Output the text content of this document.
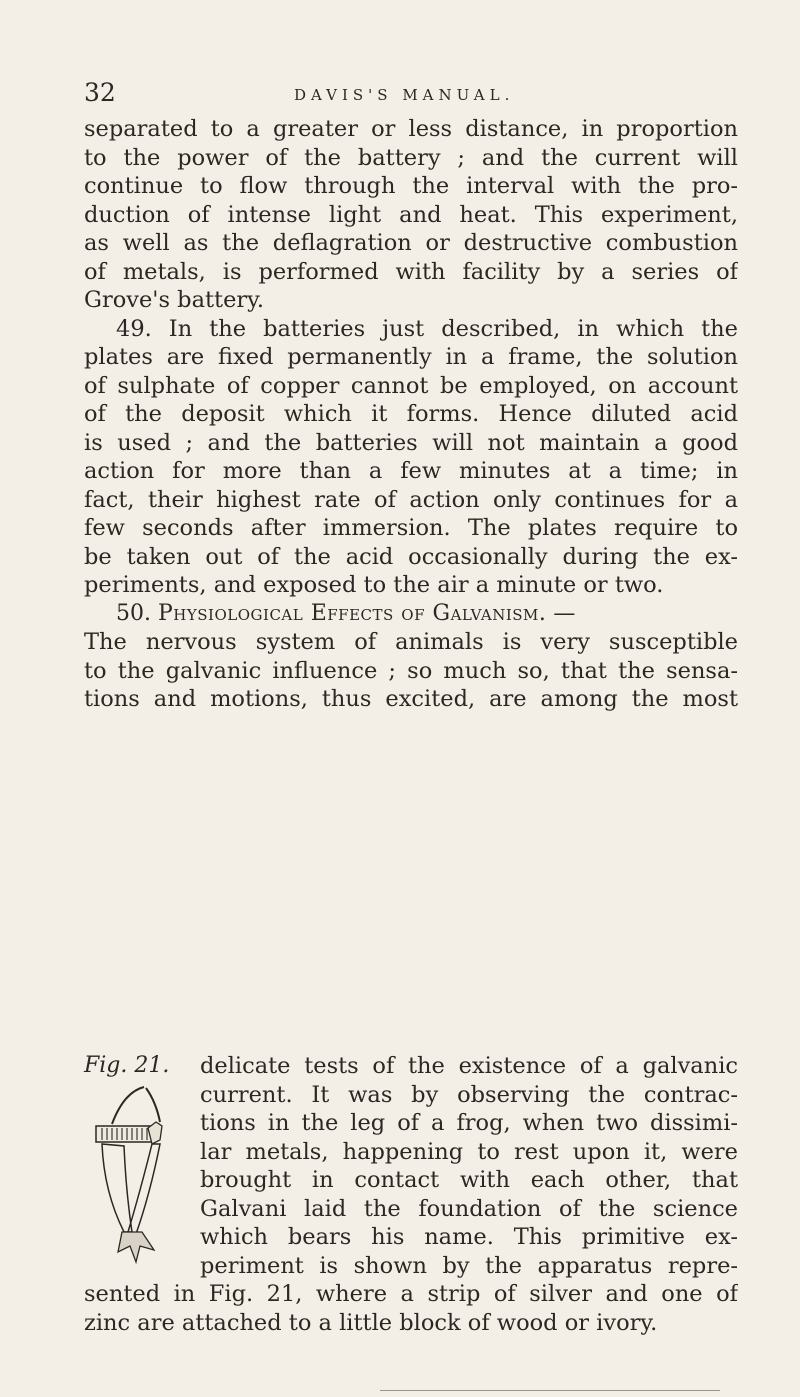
32	DAVIS'S MANUAL.
separated to a greater or less distance, in proportion
to the power of the battery ; and the current will
continue to flow through the interval with the pro-
duction of intense light and heat. This experiment,
as well as the deflagration or destructive combustion
of metals, is performed with facility by a series of
Grove's battery.
49. In the batteries just described, in which the
plates are fixed permanently in a frame, the solution
of sulphate of copper cannot be employed, on account
of the deposit which it forms. Hence diluted acid
is used ; and the batteries will not maintain a good
action for more than a few minutes at a time; in
fact, their highest rate of action only continues for a
few seconds after immersion. The plates require to
be taken out of the acid occasionally during the ex-
periments, and exposed to the air a minute or two.
50. Physiological Effects of Galvanism. —
The nervous system of animals is very susceptible
to the galvanic influence ; so much so, that the sensa-
tions and motions, thus excited, are among the most
Fig. 21. delicate tests of the existence of a galvanic
current. It was by observing the contrac-
tions in the leg of a frog, when two dissimi-
lar metals, happening to rest upon it, were
brought in contact with each other, that
Galvani laid the foundation of the science
which bears his name. This primitive ex-
periment is shown by the apparatus repre-
sented in Fig. 21, where a strip of silver and one of
zinc are attached to a little block of wood or ivory.
